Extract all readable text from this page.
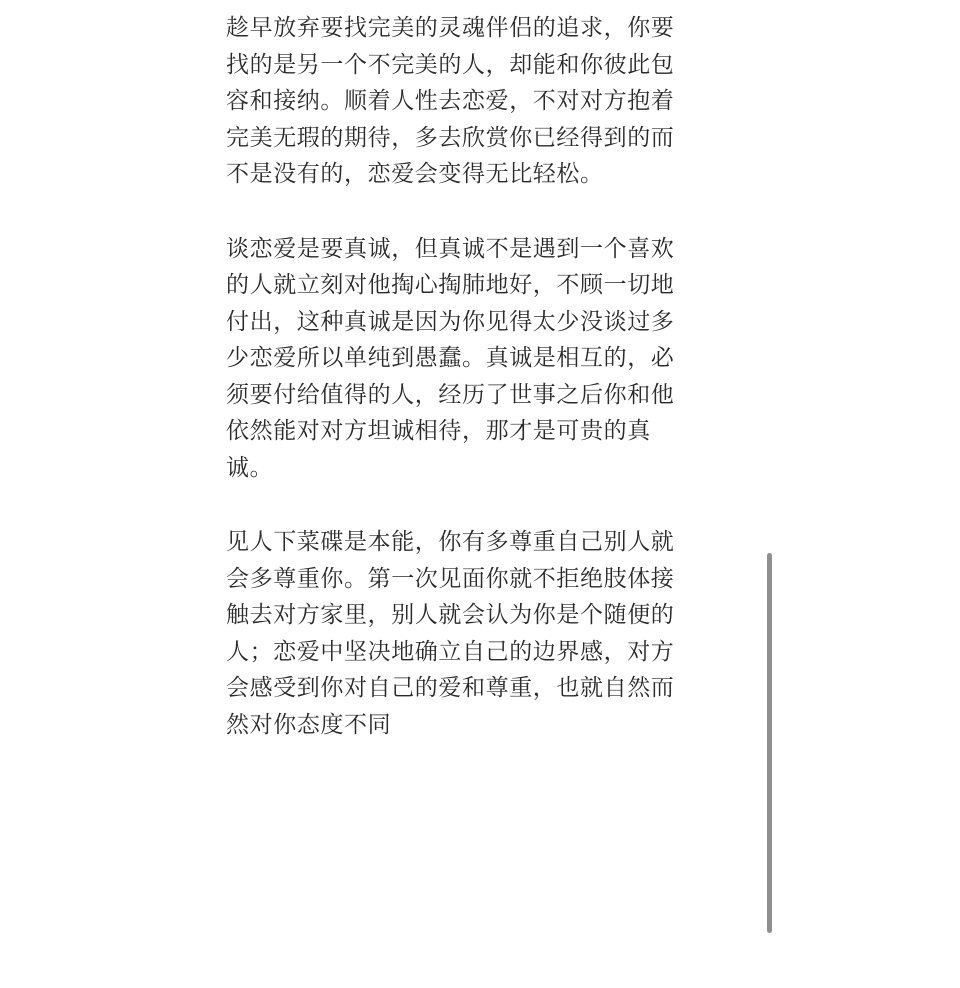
趁早放弃要找完美的灵魂伴侣的追求，你要
找的是另一个不完美的人，却能和你彼此包
容和接纳。顺着人性去恋爱，不对对方抱着
完美无瑕的期待，多去欣赏你已经得到的而
不是没有的，恋爱会变得无比轻松。
谈恋爱是要真诚，但真诚不是遇到一个喜欢
的人就立刻对他掏心掏肺地好，不顾一切地
付出，这种真诚是因为你见得太少没谈过多
少恋爱所以单纯到愚蠢。真诚是相互的，必
须要付给值得的人，经历了世事之后你和他
依然能对对方坦诚相待，那才是可贵的真
诚。
见人下菜碟是本能，你有多尊重自己别人就
会多尊重你。第一次见面你就不拒绝肢体接
触去对方家里，别人就会认为你是个随便的
人；恋爱中坚决地确立自己的边界感，对方
会感受到你对自己的爱和尊重，也就自然而
然对你态度不同
